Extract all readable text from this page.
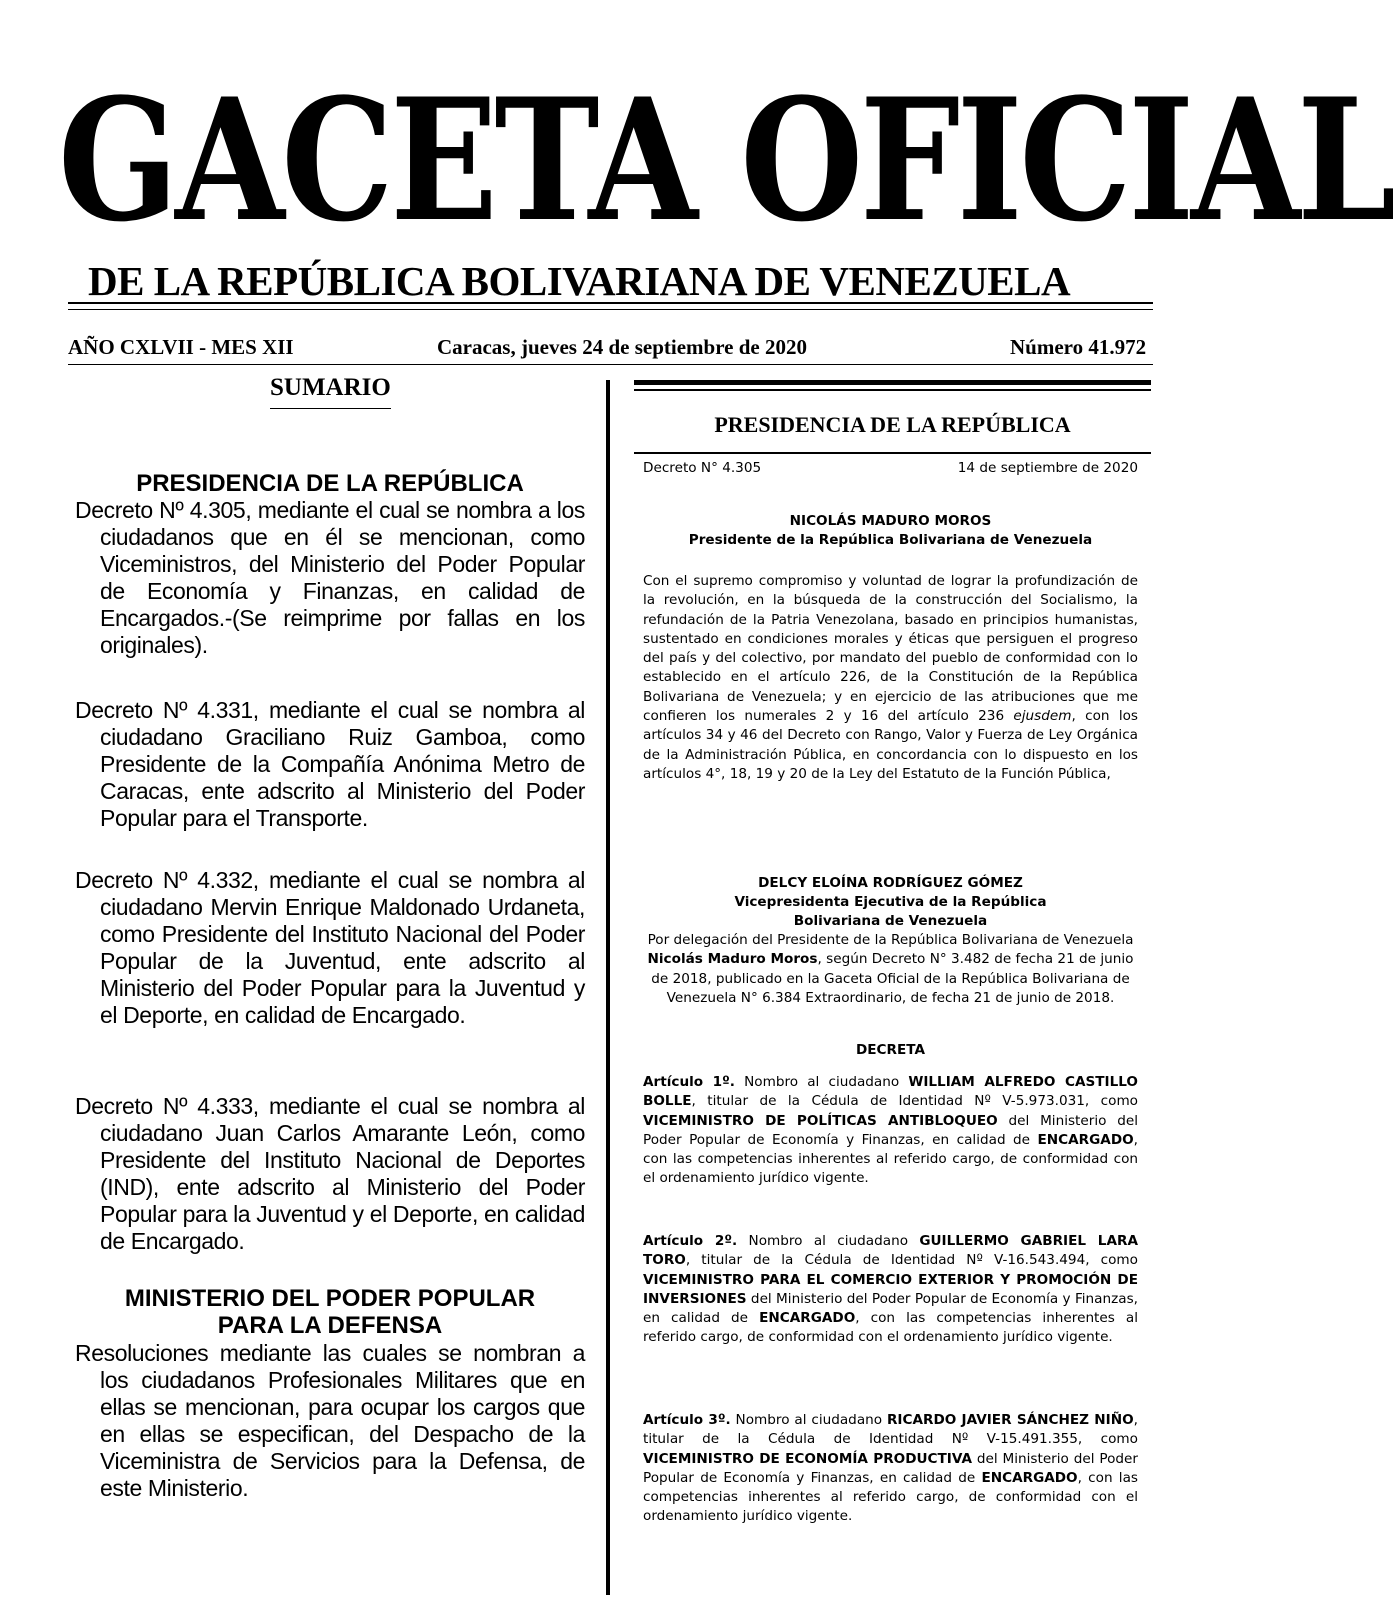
GACETA OFICIAL
DE LA REPÚBLICA BOLIVARIANA DE VENEZUELA
AÑO CXLVII - MES XII	Caracas, jueves 24 de septiembre de 2020	Número 41.972
SUMARIO
PRESIDENCIA DE LA REPÚBLICA
Decreto Nº 4.305, mediante el cual se nombra a los ciudadanos que en él se mencionan, como Viceministros, del Ministerio del Poder Popular de Economía y Finanzas, en calidad de Encargados.-(Se reimprime por fallas en los originales).
Decreto Nº 4.331, mediante el cual se nombra al ciudadano Graciliano Ruiz Gamboa, como Presidente de la Compañía Anónima Metro de Caracas, ente adscrito al Ministerio del Poder Popular para el Transporte.
Decreto Nº 4.332, mediante el cual se nombra al ciudadano Mervin Enrique Maldonado Urdaneta, como Presidente del Instituto Nacional del Poder Popular de la Juventud, ente adscrito al Ministerio del Poder Popular para la Juventud y el Deporte, en calidad de Encargado.
Decreto Nº 4.333, mediante el cual se nombra al ciudadano Juan Carlos Amarante León, como Presidente del Instituto Nacional de Deportes (IND), ente adscrito al Ministerio del Poder Popular para la Juventud y el Deporte, en calidad de Encargado.
MINISTERIO DEL PODER POPULAR
PARA LA DEFENSA
Resoluciones mediante las cuales se nombran a los ciudadanos Profesionales Militares que en ellas se mencionan, para ocupar los cargos que en ellas se especifican, del Despacho de la Viceministra de Servicios para la Defensa, de este Ministerio.
PRESIDENCIA DE LA REPÚBLICA
Decreto N° 4.305	14 de septiembre de 2020
NICOLÁS MADURO MOROS
Presidente de la República Bolivariana de Venezuela
Con el supremo compromiso y voluntad de lograr la profundización de la revolución, en la búsqueda de la construcción del Socialismo, la refundación de la Patria Venezolana, basado en principios humanistas, sustentado en condiciones morales y éticas que persiguen el progreso del país y del colectivo, por mandato del pueblo de conformidad con lo establecido en el artículo 226, de la Constitución de la República Bolivariana de Venezuela; y en ejercicio de las atribuciones que me confieren los numerales 2 y 16 del artículo 236 ejusdem, con los artículos 34 y 46 del Decreto con Rango, Valor y Fuerza de Ley Orgánica de la Administración Pública, en concordancia con lo dispuesto en los artículos 4°, 18, 19 y 20 de la Ley del Estatuto de la Función Pública,
DELCY ELOÍNA RODRÍGUEZ GÓMEZ
Vicepresidenta Ejecutiva de la República
Bolivariana de Venezuela
Por delegación del Presidente de la República Bolivariana de Venezuela Nicolás Maduro Moros, según Decreto N° 3.482 de fecha 21 de junio de 2018, publicado en la Gaceta Oficial de la República Bolivariana de Venezuela N° 6.384 Extraordinario, de fecha 21 de junio de 2018.
DECRETA
Artículo 1º. Nombro al ciudadano WILLIAM ALFREDO CASTILLO BOLLE, titular de la Cédula de Identidad Nº V-5.973.031, como VICEMINISTRO DE POLÍTICAS ANTIBLOQUEO del Ministerio del Poder Popular de Economía y Finanzas, en calidad de ENCARGADO, con las competencias inherentes al referido cargo, de conformidad con el ordenamiento jurídico vigente.
Artículo 2º. Nombro al ciudadano GUILLERMO GABRIEL LARA TORO, titular de la Cédula de Identidad Nº V-16.543.494, como VICEMINISTRO PARA EL COMERCIO EXTERIOR Y PROMOCIÓN DE INVERSIONES del Ministerio del Poder Popular de Economía y Finanzas, en calidad de ENCARGADO, con las competencias inherentes al referido cargo, de conformidad con el ordenamiento jurídico vigente.
Artículo 3º. Nombro al ciudadano RICARDO JAVIER SÁNCHEZ NIÑO, titular de la Cédula de Identidad Nº V-15.491.355, como VICEMINISTRO DE ECONOMÍA PRODUCTIVA del Ministerio del Poder Popular de Economía y Finanzas, en calidad de ENCARGADO, con las competencias inherentes al referido cargo, de conformidad con el ordenamiento jurídico vigente.
